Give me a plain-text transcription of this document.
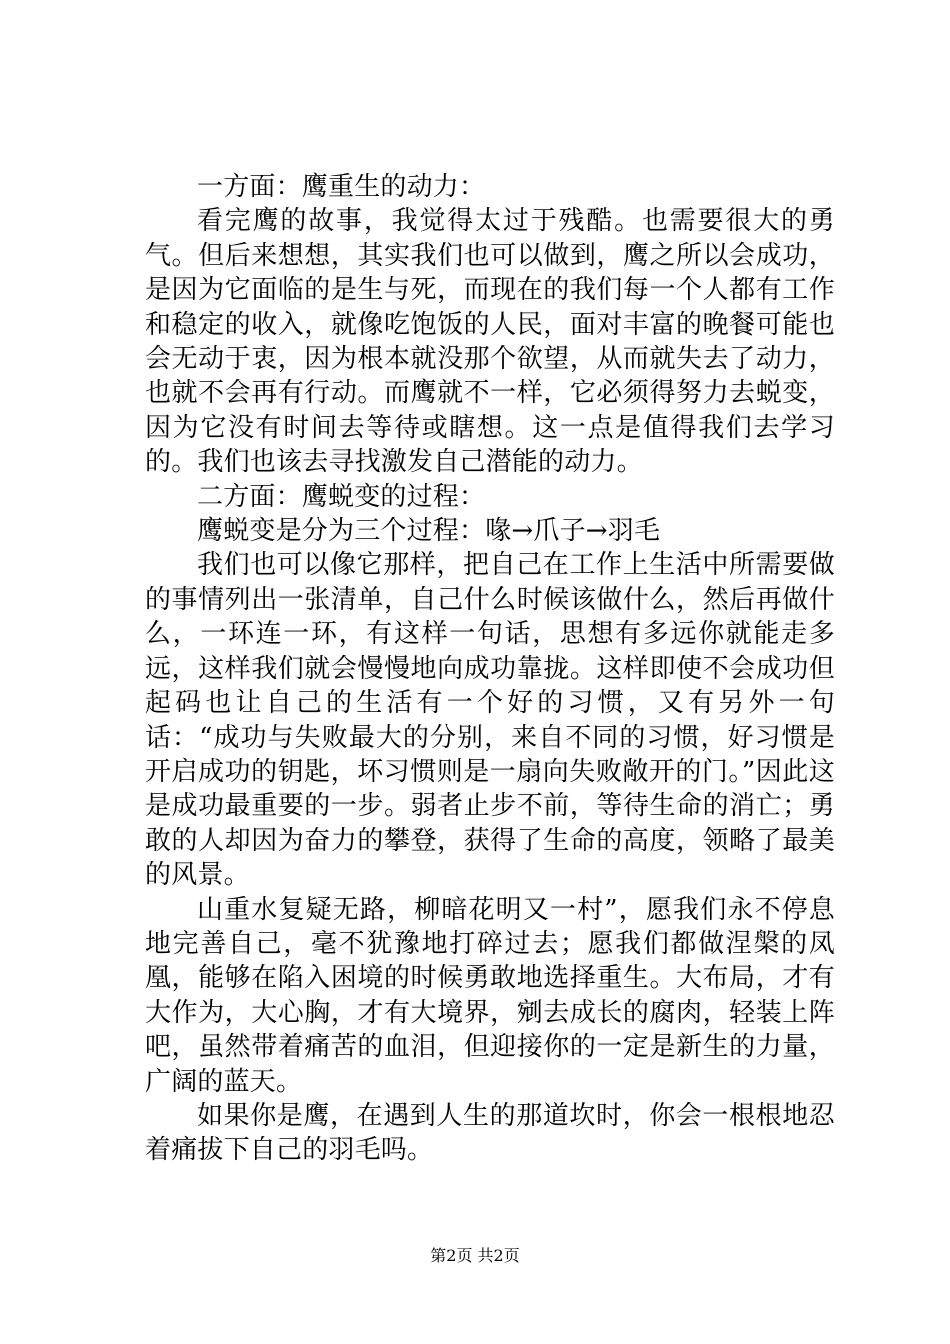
一方面：鹰重生的动力：

看完鹰的故事，我觉得太过于残酷。也需要很大的勇气。但后来想想，其实我们也可以做到，鹰之所以会成功，是因为它面临的是生与死，而现在的我们每一个人都有工作和稳定的收入，就像吃饱饭的人民，面对丰富的晚餐可能也会无动于衷，因为根本就没那个欲望，从而就失去了动力，也就不会再有行动。而鹰就不一样，它必须得努力去蜕变，因为它没有时间去等待或瞎想。这一点是值得我们去学习的。我们也该去寻找激发自己潜能的动力。

二方面：鹰蜕变的过程：

鹰蜕变是分为三个过程：喙→爪子→羽毛

我们也可以像它那样，把自己在工作上生活中所需要做的事情列出一张清单，自己什么时候该做什么，然后再做什么，一环连一环，有这样一句话，思想有多远你就能走多远，这样我们就会慢慢地向成功靠拢。这样即使不会成功但起码也让自己的生活有一个好的习惯，又有另外一句话：“成功与失败最大的分别，来自不同的习惯，好习惯是开启成功的钥匙，坏习惯则是一扇向失败敞开的门。”因此这是成功最重要的一步。弱者止步不前，等待生命的消亡；勇敢的人却因为奋力的攀登，获得了生命的高度，领略了最美的风景。

山重水复疑无路，柳暗花明又一村”，愿我们永不停息地完善自己，毫不犹豫地打碎过去；愿我们都做涅槃的凤凰，能够在陷入困境的时候勇敢地选择重生。大布局，才有大作为，大心胸，才有大境界，剜去成长的腐肉，轻装上阵吧，虽然带着痛苦的血泪，但迎接你的一定是新生的力量，广阔的蓝天。

如果你是鹰，在遇到人生的那道坎时，你会一根根地忍着痛拔下自己的羽毛吗。

第2页 共2页
